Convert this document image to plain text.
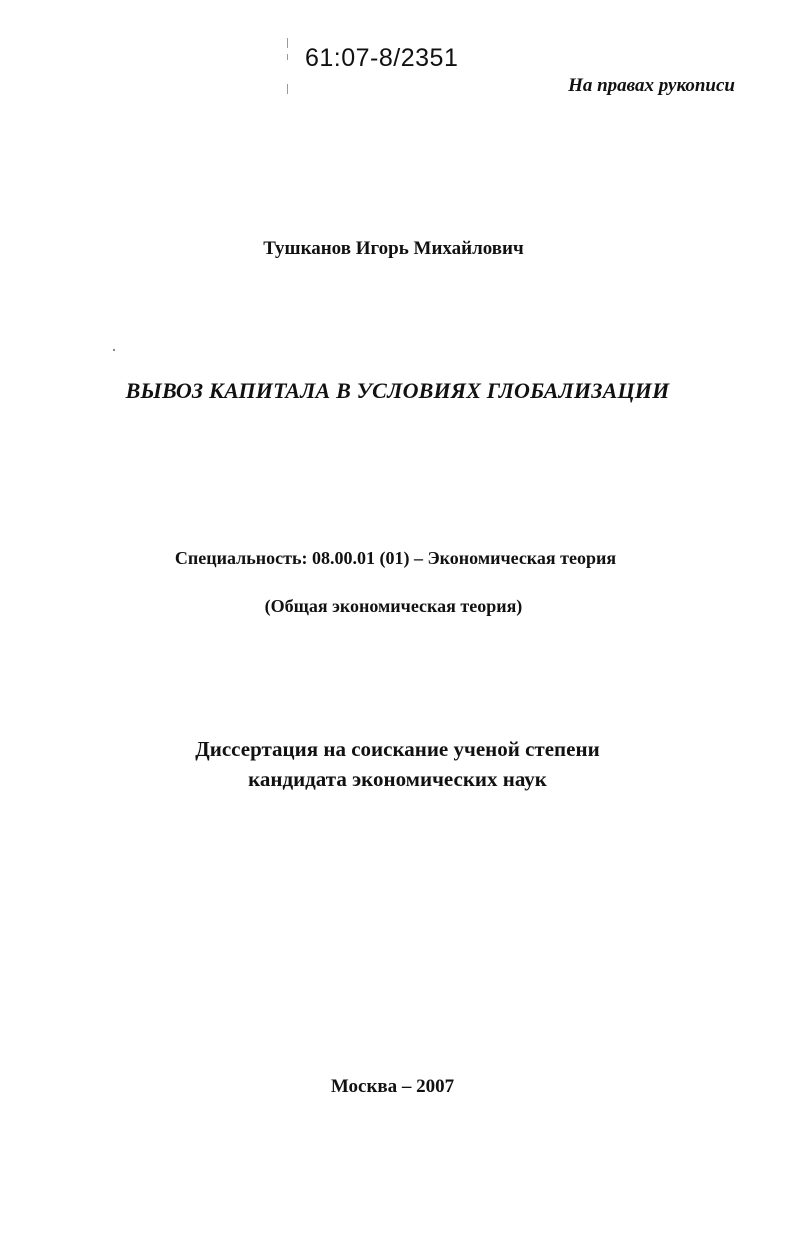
61:07-8/2351
На правах рукописи
Тушканов Игорь Михайлович
ВЫВОЗ КАПИТАЛА В УСЛОВИЯХ ГЛОБАЛИЗАЦИИ
Специальность: 08.00.01 (01) – Экономическая теория
(Общая экономическая теория)
Диссертация на соискание ученой степени
кандидата экономических наук
Москва – 2007
